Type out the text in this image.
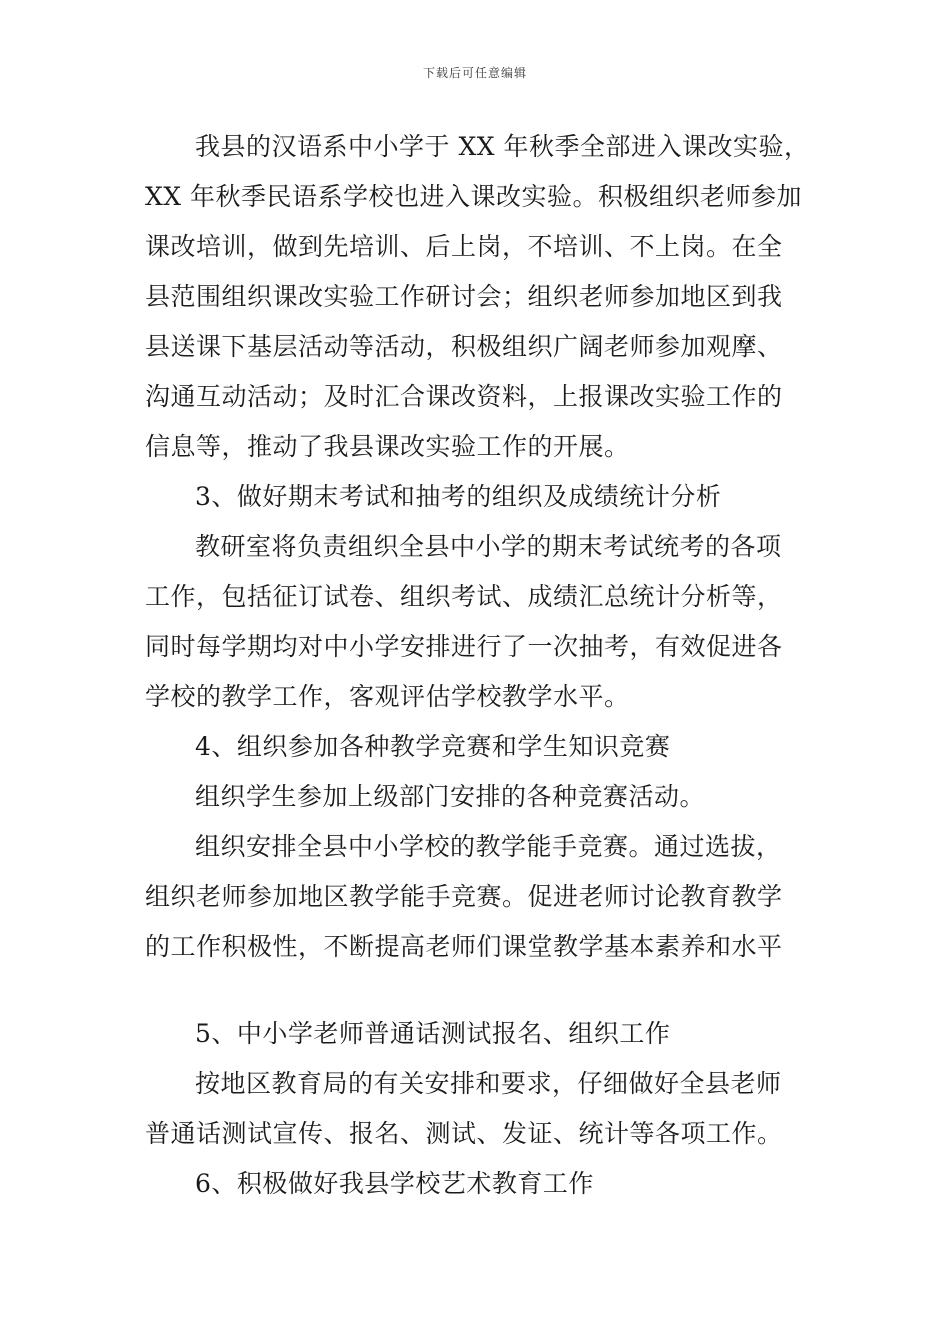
下载后可任意编辑
我县的汉语系中小学于 XX 年秋季全部进入课改实验，
XX 年秋季民语系学校也进入课改实验。积极组织老师参加
课改培训，做到先培训、后上岗，不培训、不上岗。在全
县范围组织课改实验工作研讨会；组织老师参加地区到我
县送课下基层活动等活动，积极组织广阔老师参加观摩、
沟通互动活动；及时汇合课改资料，上报课改实验工作的
信息等，推动了我县课改实验工作的开展。
3、做好期末考试和抽考的组织及成绩统计分析
教研室将负责组织全县中小学的期末考试统考的各项
工作，包括征订试卷、组织考试、成绩汇总统计分析等，
同时每学期均对中小学安排进行了一次抽考，有效促进各
学校的教学工作，客观评估学校教学水平。
4、组织参加各种教学竞赛和学生知识竞赛
组织学生参加上级部门安排的各种竞赛活动。
组织安排全县中小学校的教学能手竞赛。通过选拔，
组织老师参加地区教学能手竞赛。促进老师讨论教育教学
的工作积极性，不断提高老师们课堂教学基本素养和水平
5、中小学老师普通话测试报名、组织工作
按地区教育局的有关安排和要求，仔细做好全县老师
普通话测试宣传、报名、测试、发证、统计等各项工作。
6、积极做好我县学校艺术教育工作
